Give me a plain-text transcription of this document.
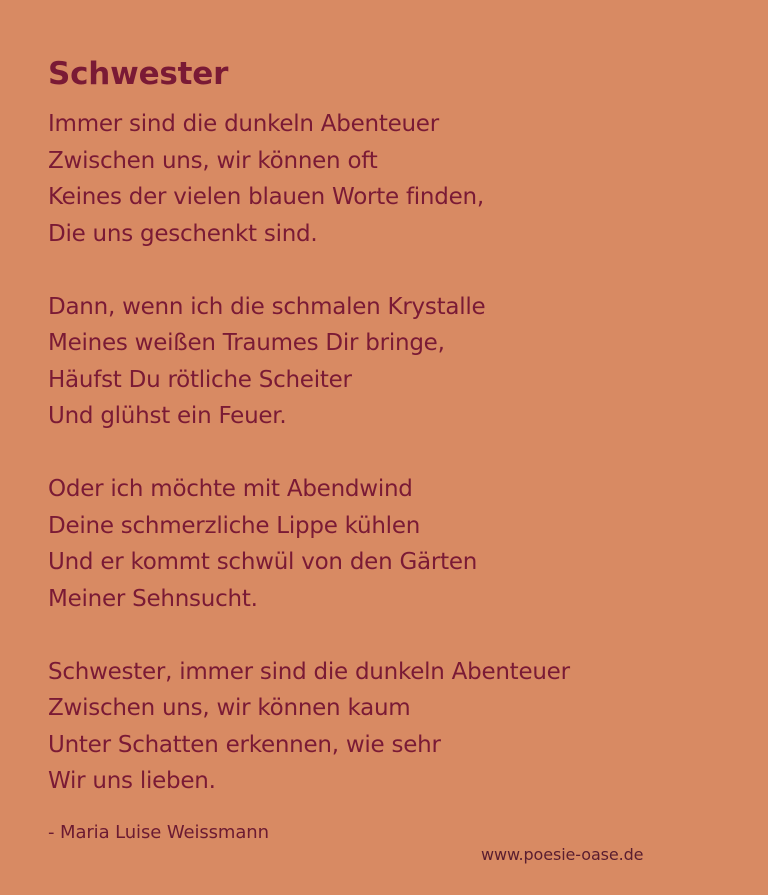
Schwester
Immer sind die dunkeln Abenteuer
Zwischen uns, wir können oft
Keines der vielen blauen Worte finden,
Die uns geschenkt sind.
Dann, wenn ich die schmalen Krystalle
Meines weißen Traumes Dir bringe,
Häufst Du rötliche Scheiter
Und glühst ein Feuer.
Oder ich möchte mit Abendwind
Deine schmerzliche Lippe kühlen
Und er kommt schwül von den Gärten
Meiner Sehnsucht.
Schwester, immer sind die dunkeln Abenteuer
Zwischen uns, wir können kaum
Unter Schatten erkennen, wie sehr
Wir uns lieben.
- Maria Luise Weissmann
www.poesie-oase.de
